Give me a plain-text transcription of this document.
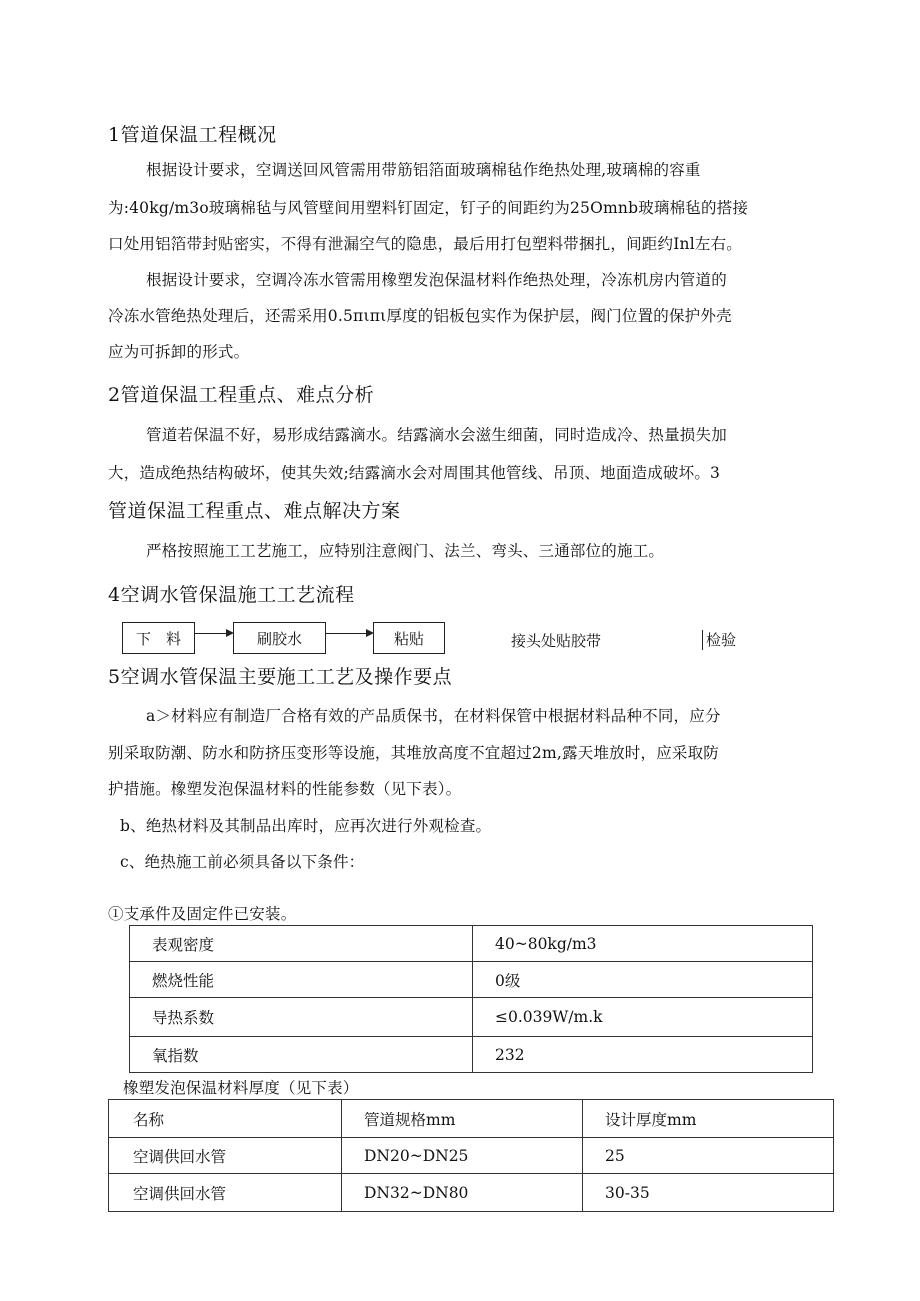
1管道保温工程概况
根据设计要求，空调送回风管需用带筋铝箔面玻璃棉毡作绝热处理,玻璃棉的容重
为:40kg∕m3o玻璃棉毡与风管壁间用塑料钉固定，钉子的间距约为25Omnb玻璃棉毡的搭接
口处用铝箔带封贴密实，不得有泄漏空气的隐患，最后用打包塑料带捆扎，间距约Inl左右。
根据设计要求，空调冷冻水管需用橡塑发泡保温材料作绝热处理，冷冻机房内管道的
冷冻水管绝热处理后，还需采用0.5πιπι厚度的铝板包实作为保护层，阀门位置的保护外壳
应为可拆卸的形式。
2管道保温工程重点、难点分析
管道若保温不好，易形成结露滴水。结露滴水会滋生细菌，同时造成冷、热量损失加
大，造成绝热结构破坏，使其失效;结露滴水会对周围其他管线、吊顶、地面造成破坏。3
管道保温工程重点、难点解决方案
严格按照施工工艺施工，应特别注意阀门、法兰、弯头、三通部位的施工。
4空调水管保温施工工艺流程
下　料	刷胶水	粘贴	接头处贴胶带	检验
5空调水管保温主要施工工艺及操作要点
a＞材料应有制造厂合格有效的产品质保书，在材料保管中根据材料品种不同，应分
别采取防潮、防水和防挤压变形等设施，其堆放高度不宜超过2m,露天堆放时，应采取防
护措施。橡塑发泡保温材料的性能参数（见下表）。
b、绝热材料及其制品出库时，应再次进行外观检查。
c、绝热施工前必须具备以下条件：
①支承件及固定件已安装。
表观密度	40~80kg∕m3
燃烧性能	0级
导热系数	≤0.039W∕m.k
氧指数	232
橡塑发泡保温材料厚度（见下表）
名称	管道规格mm	设计厚度mm
空调供回水管	DN20~DN25	25
空调供回水管	DN32~DN80	30-35
